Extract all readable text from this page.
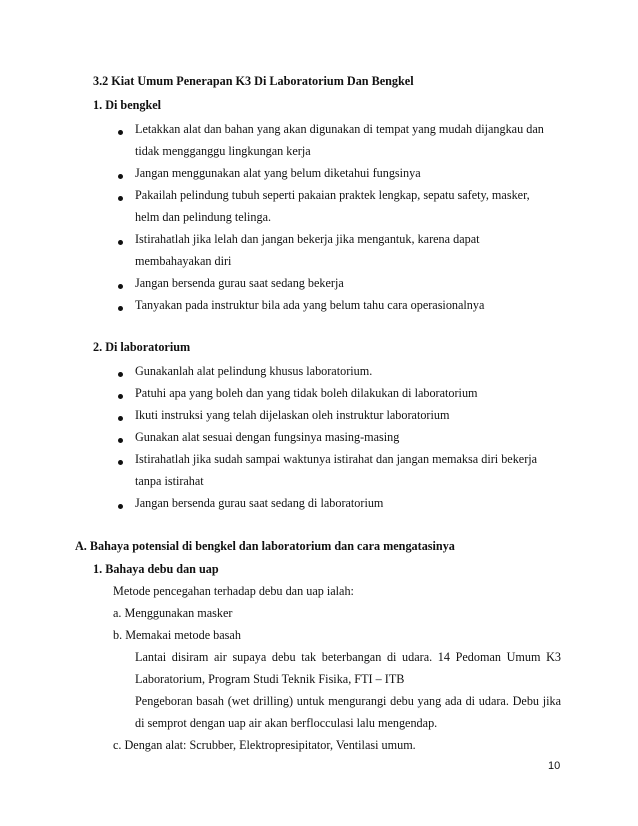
3.2 Kiat Umum Penerapan K3 Di Laboratorium Dan Bengkel
1. Di bengkel
Letakkan alat dan bahan yang akan digunakan di tempat yang mudah dijangkau dan
tidak mengganggu lingkungan kerja
Jangan menggunakan alat yang belum diketahui fungsinya
Pakailah pelindung tubuh seperti pakaian praktek lengkap, sepatu safety, masker,
helm dan pelindung telinga.
Istirahatlah jika lelah dan jangan bekerja jika mengantuk, karena dapat
membahayakan diri
Jangan bersenda gurau saat sedang bekerja
Tanyakan pada instruktur bila ada yang belum tahu cara operasionalnya
2. Di laboratorium
Gunakanlah alat pelindung khusus laboratorium.
Patuhi apa yang boleh dan yang tidak boleh dilakukan di laboratorium
Ikuti instruksi yang telah dijelaskan oleh instruktur laboratorium
Gunakan alat sesuai dengan fungsinya masing-masing
Istirahatlah jika sudah sampai waktunya istirahat dan jangan memaksa diri bekerja
tanpa istirahat
Jangan bersenda gurau saat sedang di laboratorium
A. Bahaya potensial di bengkel dan laboratorium dan cara mengatasinya
1. Bahaya debu dan uap
Metode pencegahan terhadap debu dan uap ialah:
a. Menggunakan masker
b. Memakai metode basah
Lantai disiram air supaya debu tak beterbangan di udara. 14 Pedoman Umum K3
Laboratorium, Program Studi Teknik Fisika, FTI – ITB
Pengeboran basah (wet drilling) untuk mengurangi debu yang ada di udara. Debu jika
di semprot dengan uap air akan berflocculasi lalu mengendap.
c. Dengan alat: Scrubber, Elektropresipitator, Ventilasi umum.
10
